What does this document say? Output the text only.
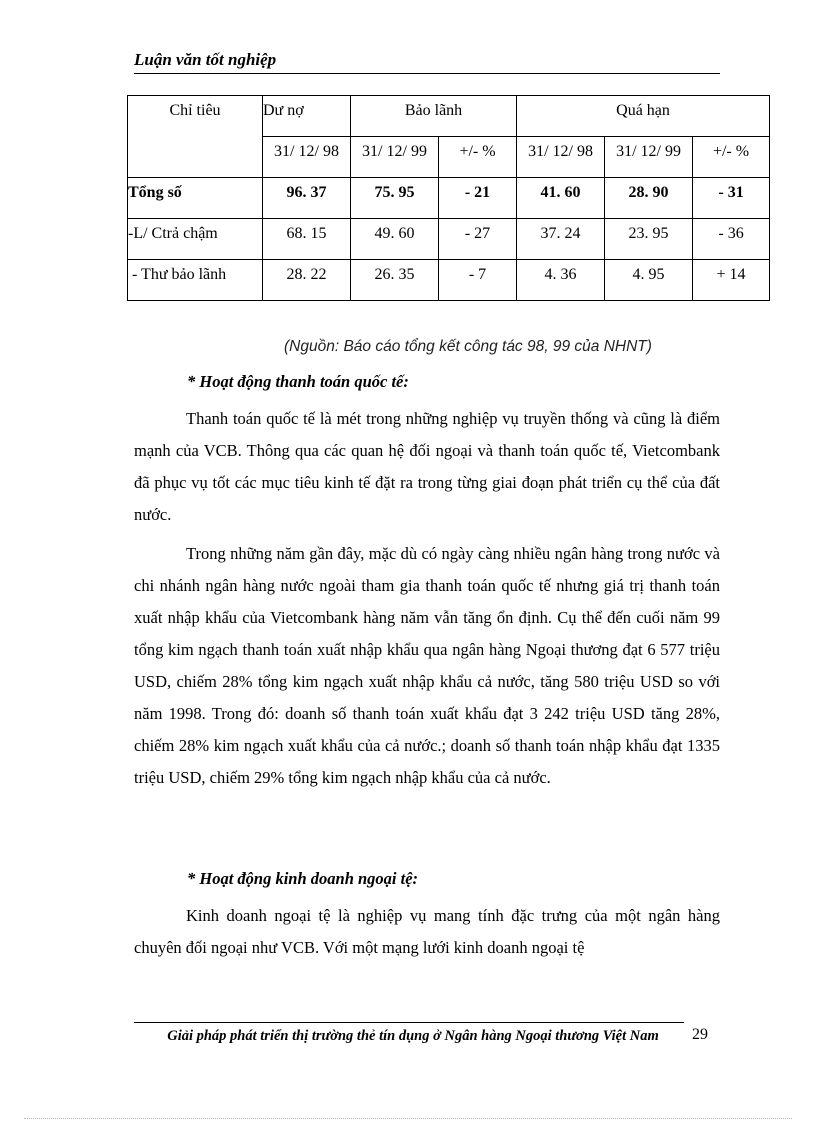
Luận văn tốt nghiệp
Chỉ tiêu	Dư nợ	Bảo lãnh		Quá hạn		
	31/ 12/ 98	31/ 12/ 99	+/- %	31/ 12/ 98	31/ 12/ 99	+/- %
Tổng số	96. 37	75. 95	- 21	41. 60	28. 90	- 31
-L/ Ctrả chậm	68. 15	49. 60	- 27	37. 24	23. 95	- 36
- Thư bảo lãnh	28. 22	26. 35	- 7	4. 36	4. 95	+ 14
(Nguồn: Báo cáo tổng kết công tác 98, 99 của NHNT)
* Hoạt động thanh toán quốc tế:
Thanh toán quốc tế là mét trong những nghiệp vụ truyền thống và cũng là điểm mạnh của VCB. Thông qua các quan hệ đối ngoại và thanh toán quốc tế, Vietcombank đã phục vụ tốt các mục tiêu kinh tế đặt ra trong từng giai đoạn phát triển cụ thể của đất nước.
Trong những năm gần đây, mặc dù có ngày càng nhiều ngân hàng trong nước và chi nhánh ngân hàng nước ngoài tham gia thanh toán quốc tế nhưng giá trị thanh toán xuất nhập khẩu của Vietcombank hàng năm vẫn tăng ổn định. Cụ thể đến cuối năm 99 tổng kim ngạch thanh toán xuất nhập khẩu qua ngân hàng Ngoại thương đạt 6 577 triệu USD, chiếm 28% tổng kim ngạch xuất nhập khẩu cả nước, tăng 580 triệu USD so với năm 1998. Trong đó: doanh số thanh toán xuất khẩu đạt 3 242 triệu USD tăng 28%, chiếm 28% kim ngạch xuất khẩu của cả nước.; doanh số thanh toán nhập khẩu đạt 1335 triệu USD, chiếm 29% tổng kim ngạch nhập khẩu của cả nước.
* Hoạt động kinh doanh ngoại tệ:
Kinh doanh ngoại tệ là nghiệp vụ mang tính đặc trưng của một ngân hàng chuyên đối ngoại như VCB. Với một mạng lưới kinh doanh ngoại tệ
Giải pháp phát triển thị trường thẻ tín dụng ở Ngân hàng Ngoại thương Việt Nam	29
